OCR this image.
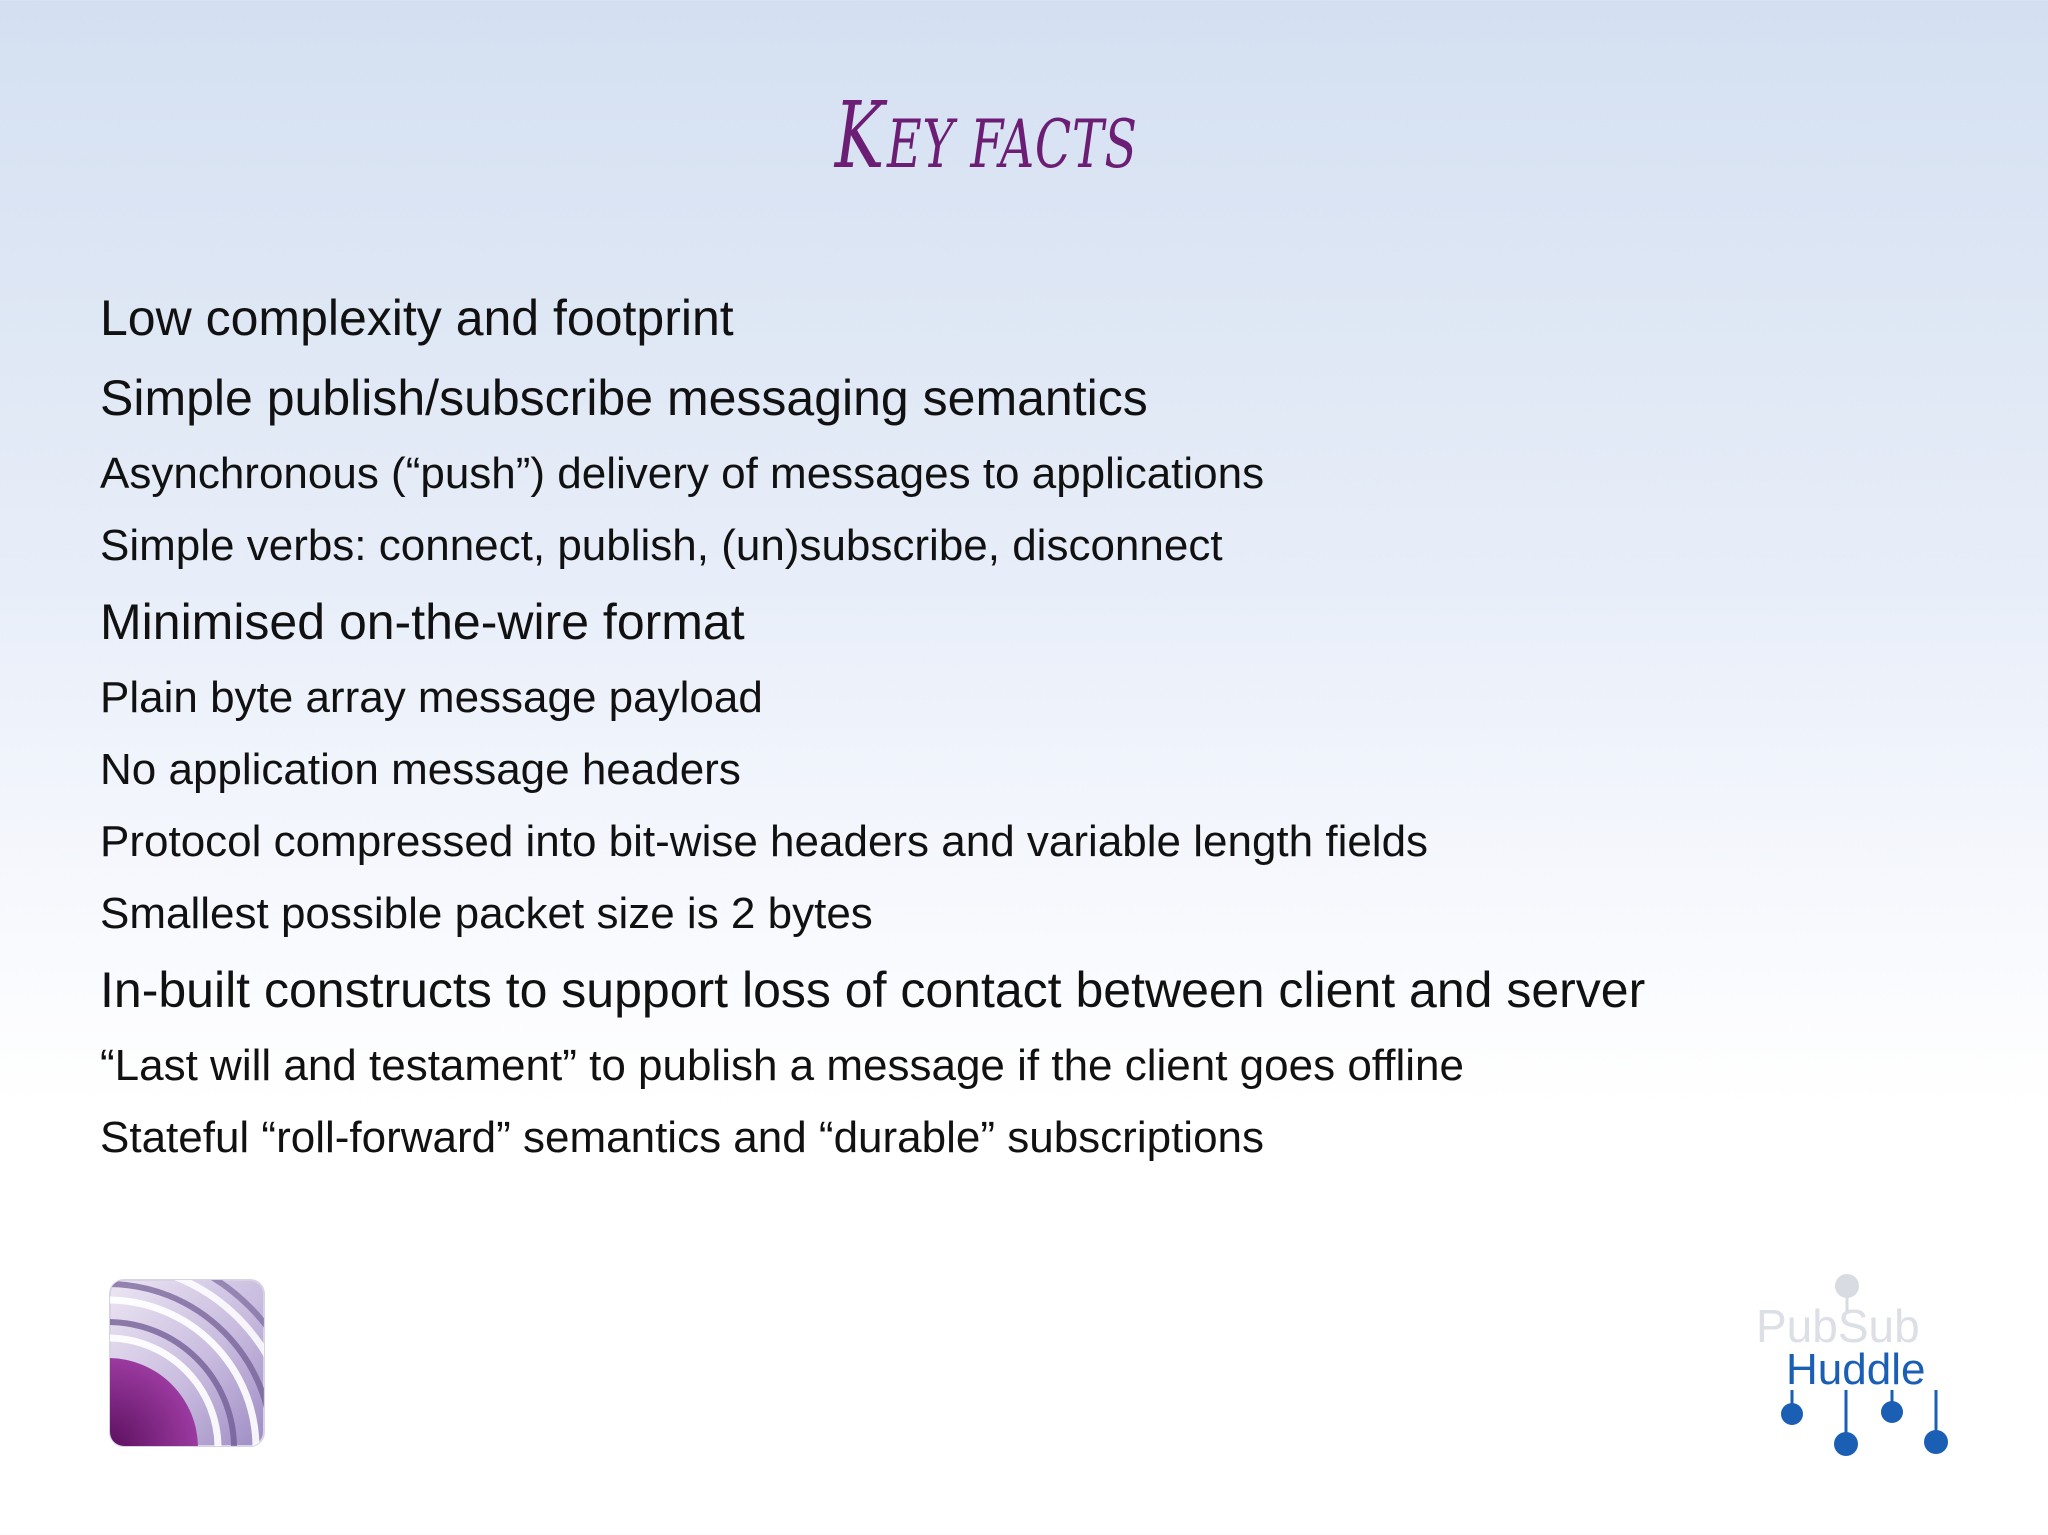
KEY FACTS
Low complexity and footprint
Simple publish/subscribe messaging semantics
Asynchronous (“push”) delivery of messages to applications
Simple verbs: connect, publish, (un)subscribe, disconnect
Minimised on-the-wire format
Plain byte array message payload
No application message headers
Protocol compressed into bit-wise headers and variable length fields
Smallest possible packet size is 2 bytes
In-built constructs to support loss of contact between client and server
“Last will and testament” to publish a message if the client goes offline
Stateful “roll-forward” semantics and “durable” subscriptions
PubSub
Huddle
